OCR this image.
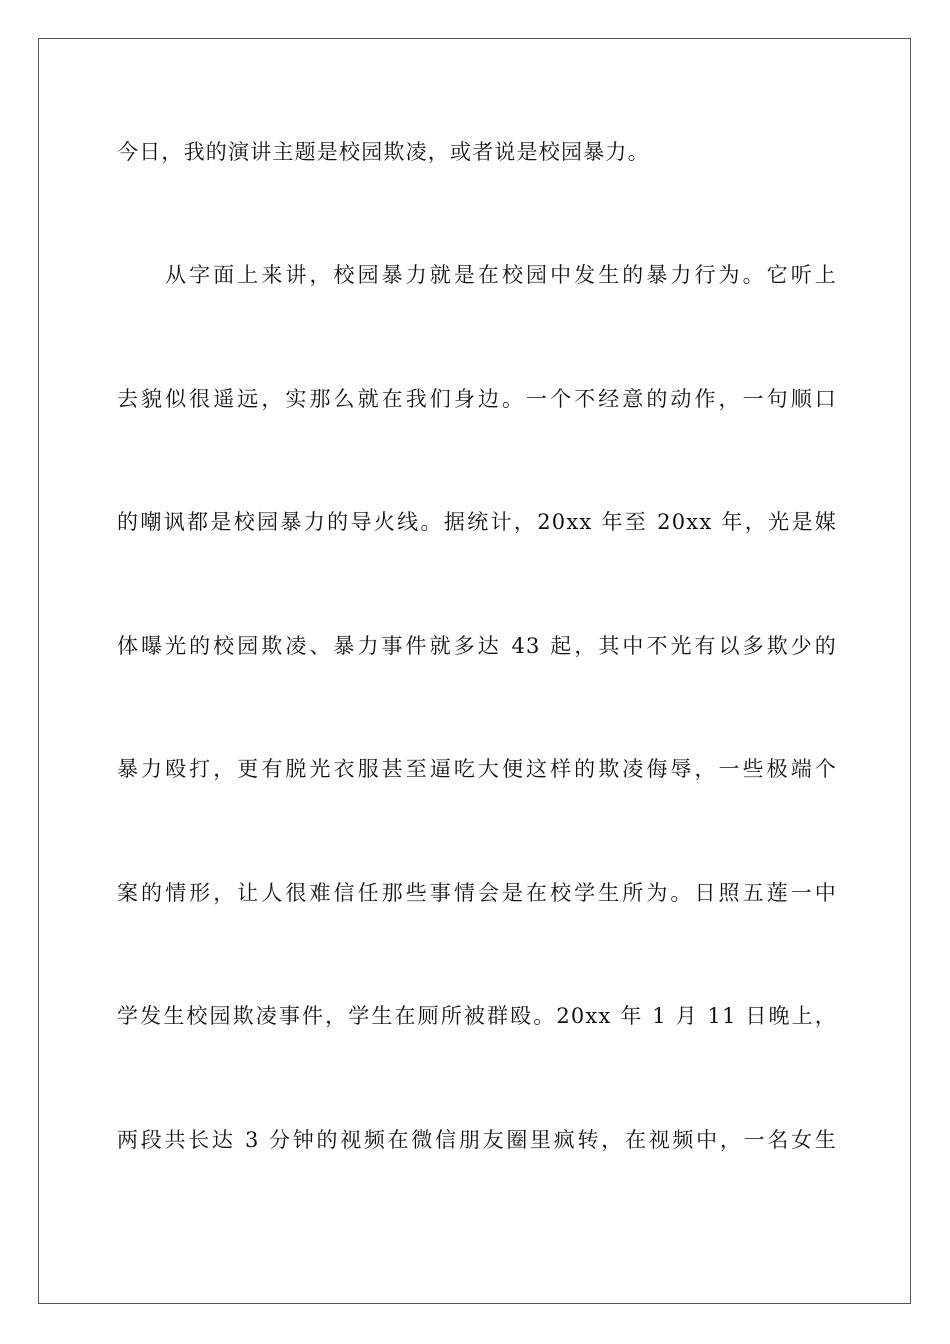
今日，我的演讲主题是校园欺凌，或者说是校园暴力。
　　从字面上来讲，校园暴力就是在校园中发生的暴力行为。它听上
去貌似很遥远，实那么就在我们身边。一个不经意的动作，一句顺口
的嘲讽都是校园暴力的导火线。据统计，20xx 年至 20xx 年，光是媒
体曝光的校园欺凌、暴力事件就多达 43 起，其中不光有以多欺少的
暴力殴打，更有脱光衣服甚至逼吃大便这样的欺凌侮辱，一些极端个
案的情形，让人很难信任那些事情会是在校学生所为。日照五莲一中
学发生校园欺凌事件，学生在厕所被群殴。20xx 年 1 月 11 日晚上，
两段共长达 3 分钟的视频在微信朋友圈里疯转，在视频中，一名女生
